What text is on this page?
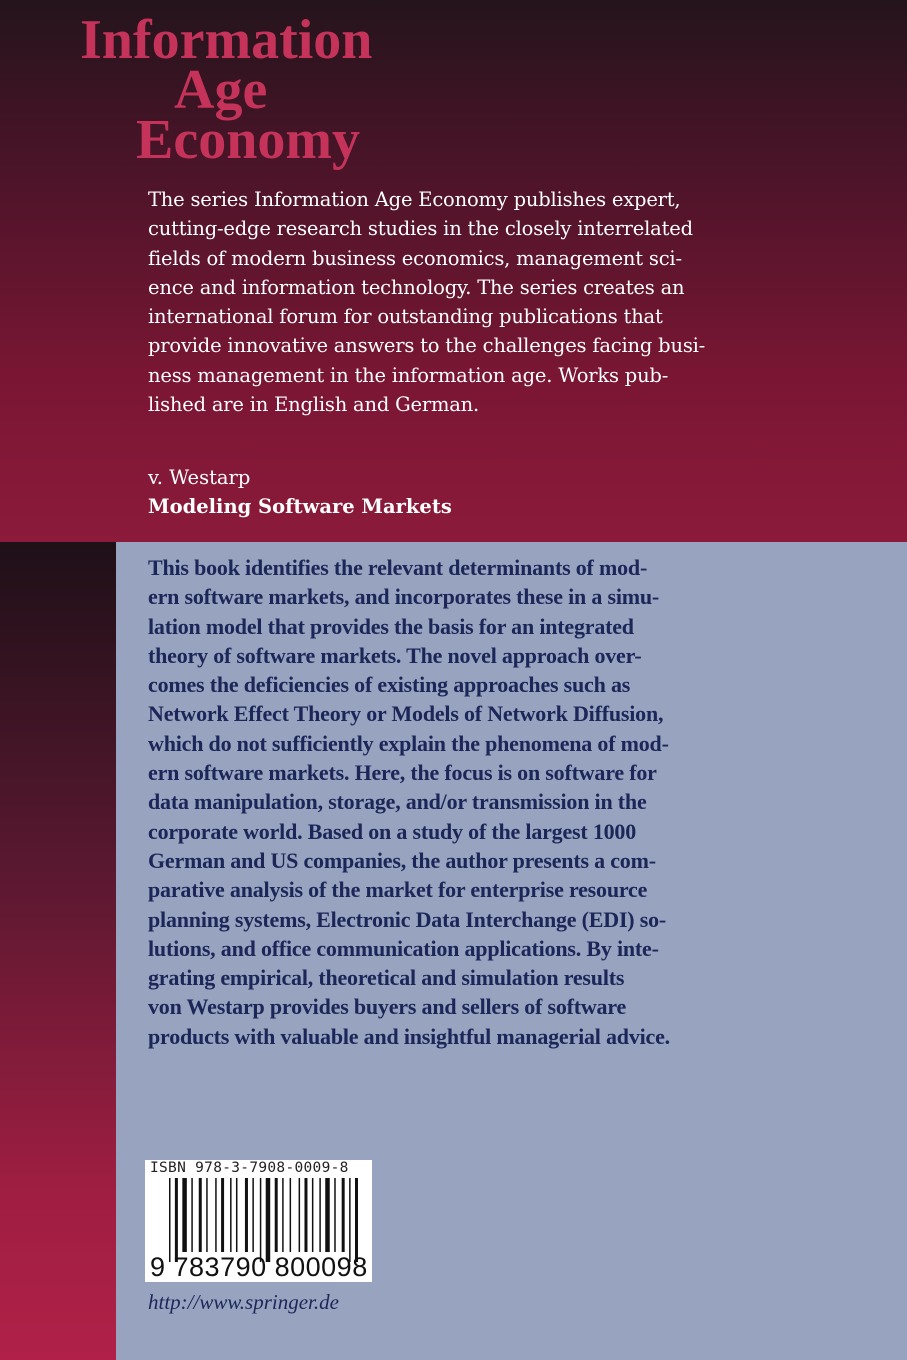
Information
Age
Economy
The series Information Age Economy publishes expert,
cutting-edge research studies in the closely interrelated
fields of modern business economics, management sci-
ence and information technology. The series creates an
international forum for outstanding publications that
provide innovative answers to the challenges facing busi-
ness management in the information age. Works pub-
lished are in English and German.
v. Westarp
Modeling Software Markets
This book identifies the relevant determinants of mod-
ern software markets, and incorporates these in a simu-
lation model that provides the basis for an integrated
theory of software markets. The novel approach over-
comes the deficiencies of existing approaches such as
Network Effect Theory or Models of Network Diffusion,
which do not sufficiently explain the phenomena of mod-
ern software markets. Here, the focus is on software for
data manipulation, storage, and/or transmission in the
corporate world. Based on a study of the largest 1000
German and US companies, the author presents a com-
parative analysis of the market for enterprise resource
planning systems, Electronic Data Interchange (EDI) so-
lutions, and office communication applications. By inte-
grating empirical, theoretical and simulation results
von Westarp provides buyers and sellers of software
products with valuable and insightful managerial advice.
ISBN 978-3-7908-0009-8
9 783790 800098
http://www.springer.de
